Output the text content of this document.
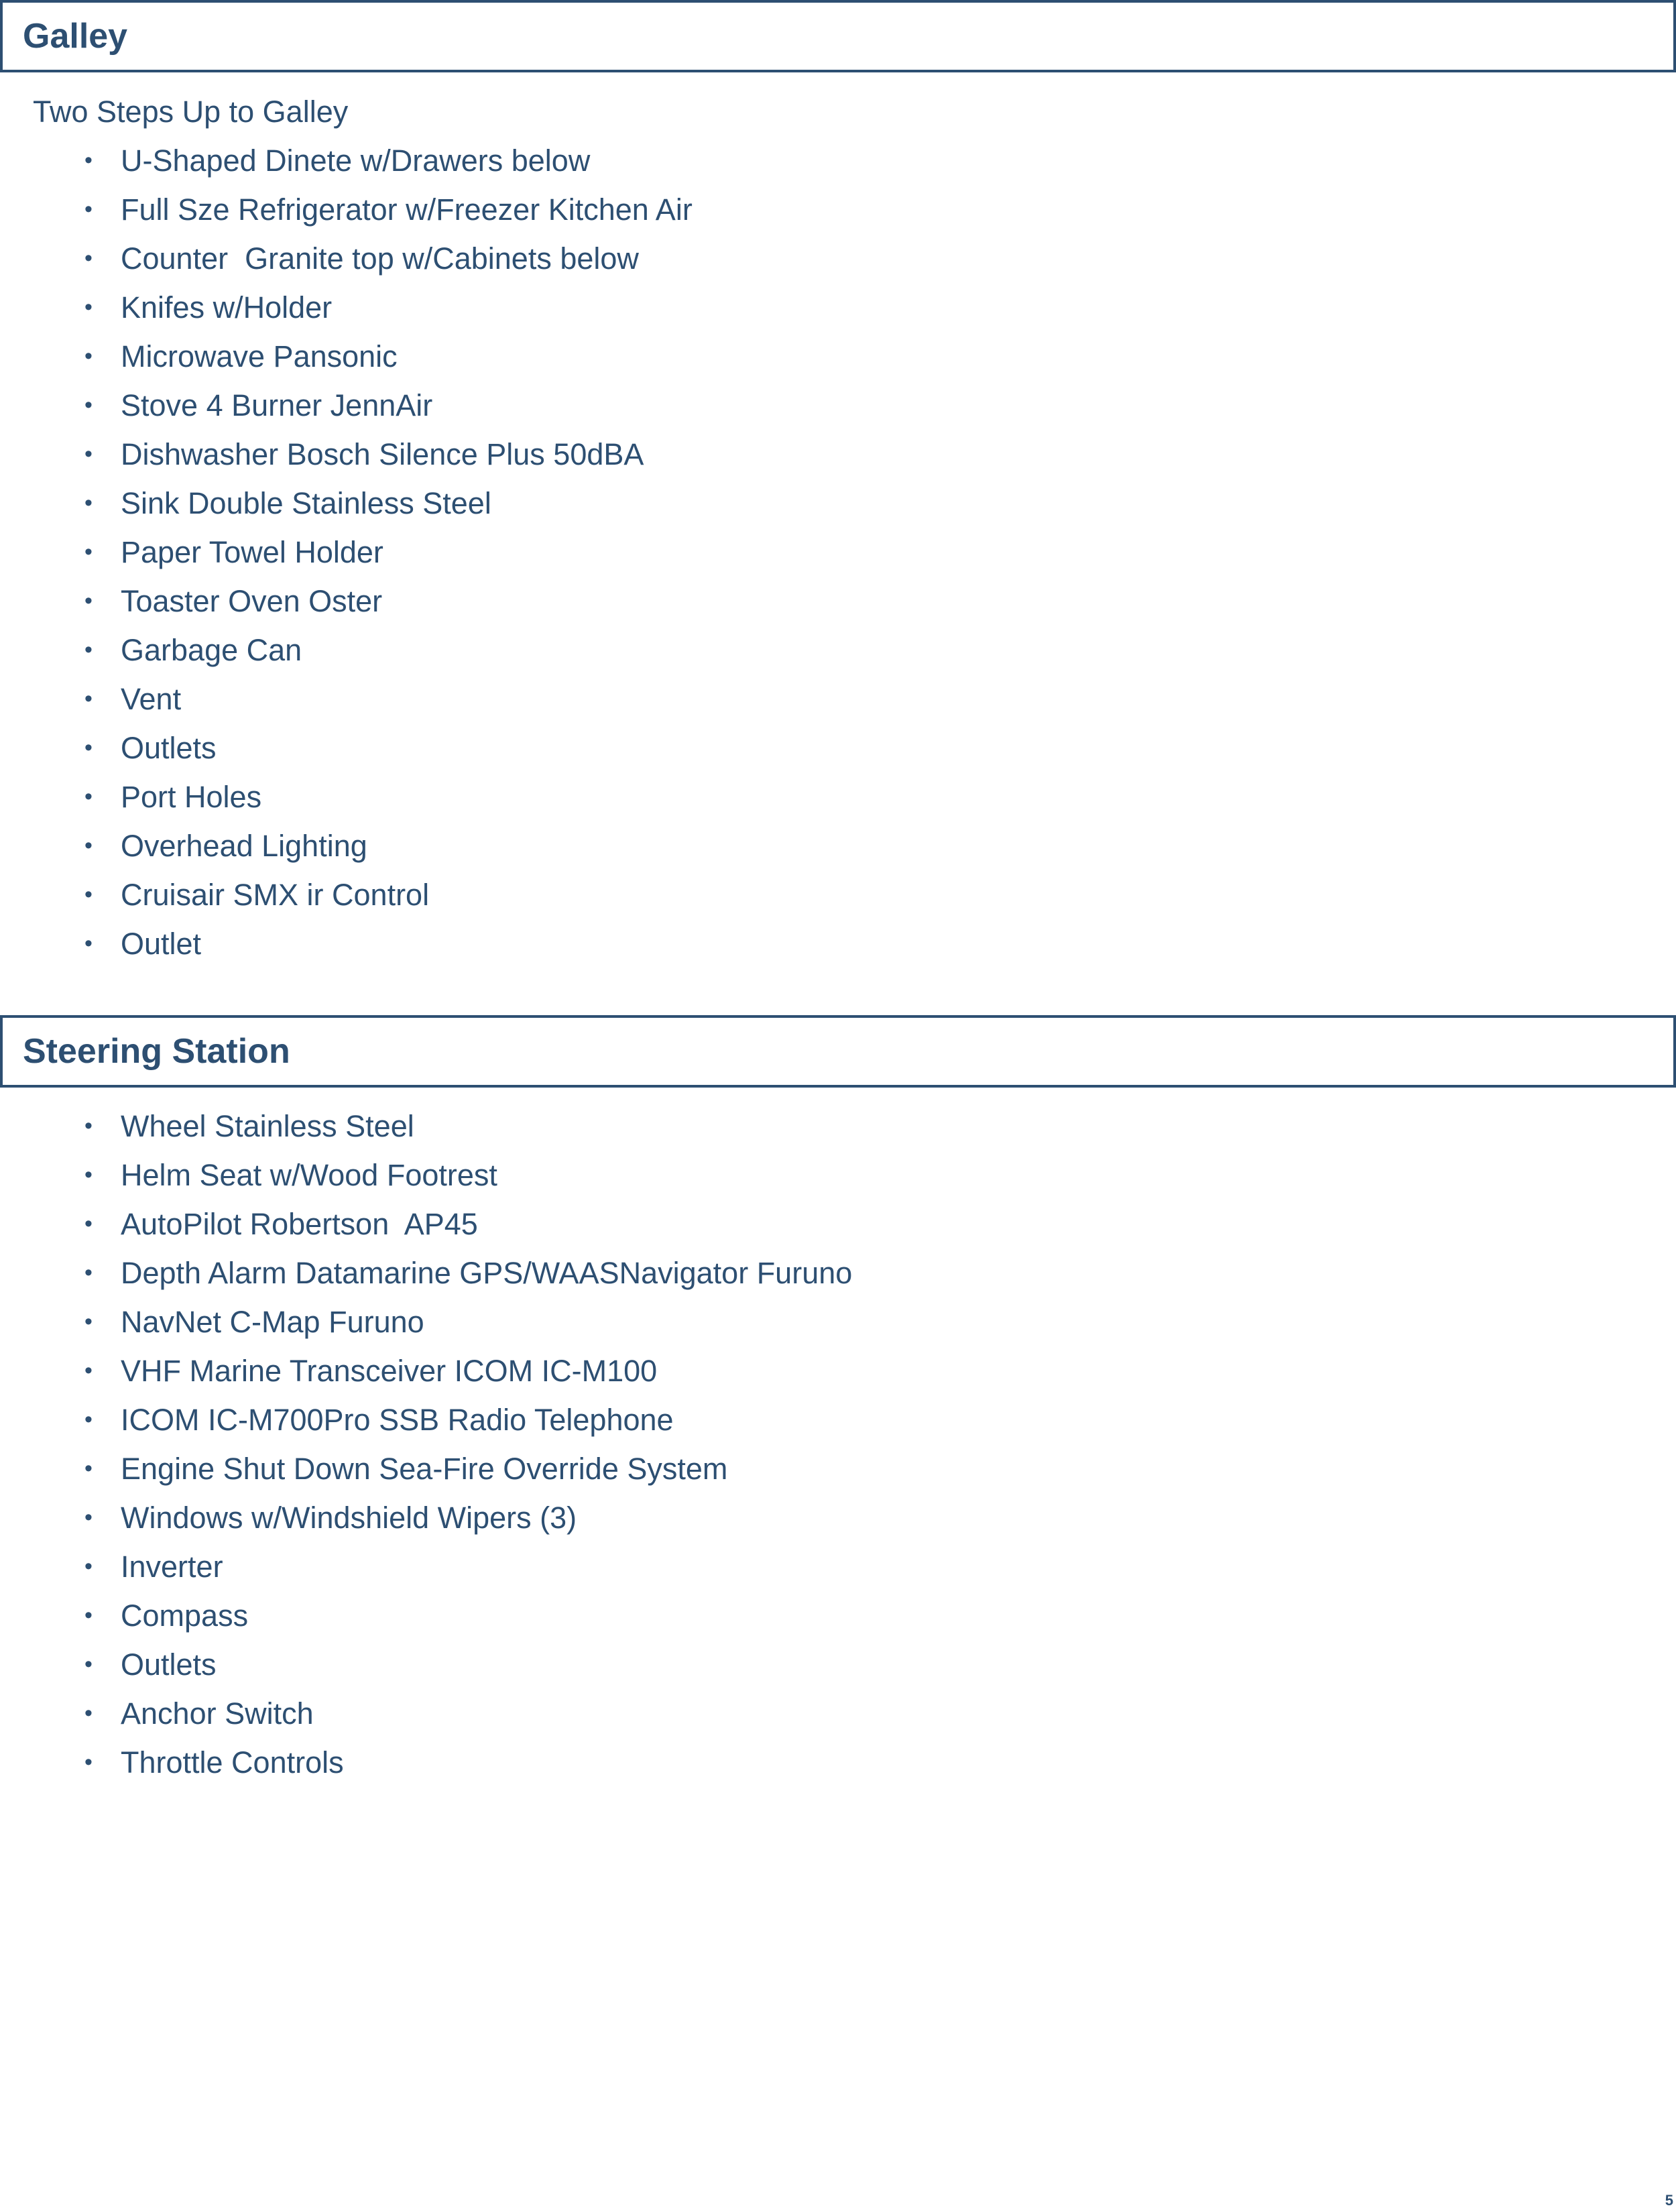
Galley
Two Steps Up to Galley
• U-Shaped Dinete w/Drawers below
• Full Sze Refrigerator w/Freezer Kitchen Air
• Counter  Granite top w/Cabinets below
• Knifes w/Holder
• Microwave Pansonic
• Stove 4 Burner JennAir
• Dishwasher Bosch Silence Plus 50dBA
• Sink Double Stainless Steel
• Paper Towel Holder
• Toaster Oven Oster
• Garbage Can
• Vent
• Outlets
• Port Holes
• Overhead Lighting
• Cruisair SMX ir Control
• Outlet
Steering Station
• Wheel Stainless Steel
• Helm Seat w/Wood Footrest
• AutoPilot Robertson  AP45
• Depth Alarm Datamarine GPS/WAASNavigator Furuno
• NavNet C-Map Furuno
• VHF Marine Transceiver ICOM IC-M100
• ICOM IC-M700Pro SSB Radio Telephone
• Engine Shut Down Sea-Fire Override System
• Windows w/Windshield Wipers (3)
• Inverter
• Compass
• Outlets
• Anchor Switch
• Throttle Controls
5
